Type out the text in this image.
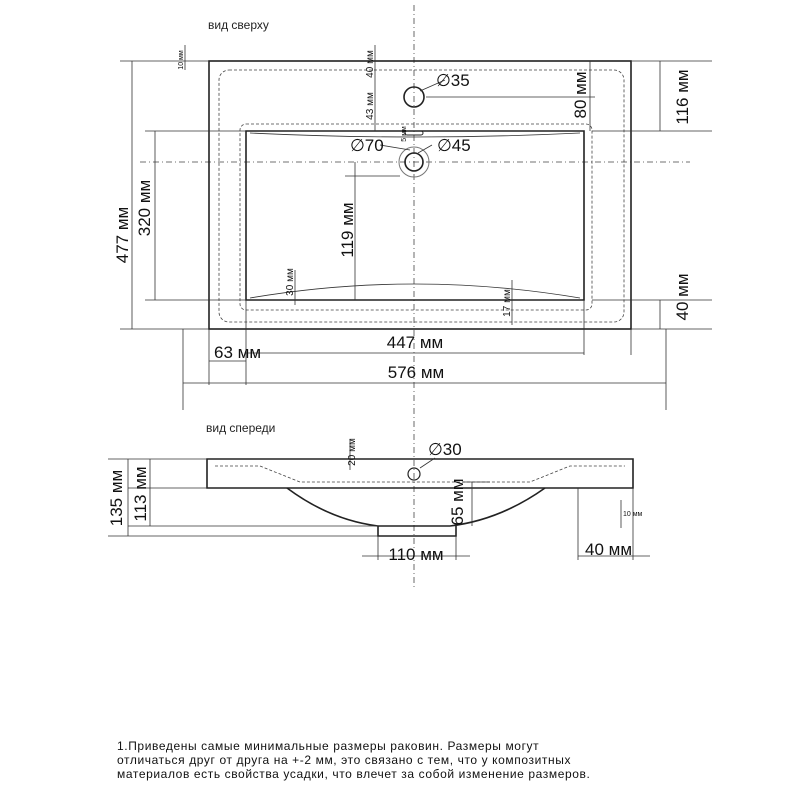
вид сверху
вид спереди
477 мм 320 мм
116 мм
80 мм
40 мм
119 мм
447 мм
576 мм
63 мм
∅35
∅45
∅70
40 мм
43 мм
10 мм
5 мм
30 мм
17 мм
135 мм 113 мм
∅30
20 мм
65 мм
110 мм	40 мм
10 мм
1.Приведены самые минимальные размеры раковин. Размеры могут
отличаться друг от друга на +-2 мм, это связано с тем, что у композитных
материалов есть свойства усадки, что влечет за собой изменение размеров.
